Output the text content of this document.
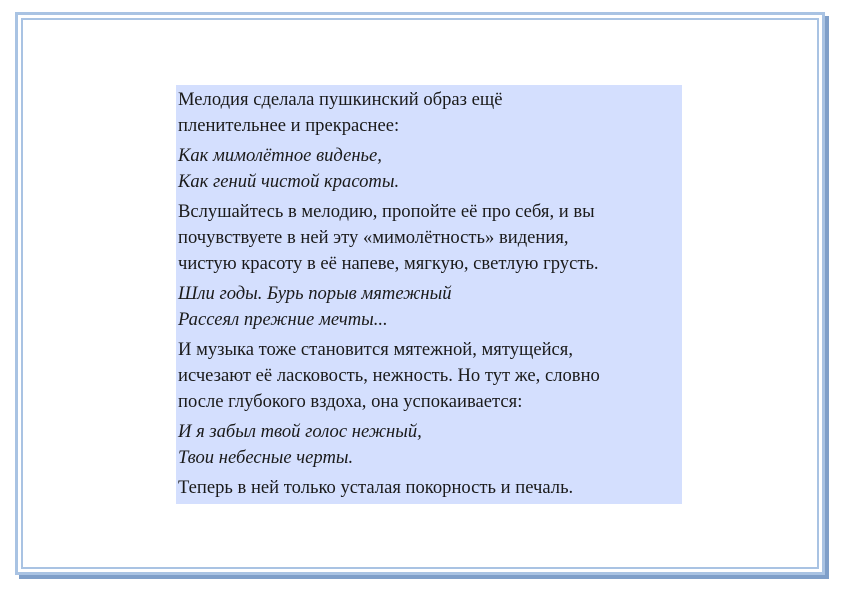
Мелодия сделала пушкинский образ ещё
пленительнее и прекраснее:

Как мимолётное виденье,
Как гений чистой красоты.

Вслушайтесь в мелодию, пропойте её про себя, и вы
почувствуете в ней эту «мимолётность» видения,
чистую красоту в её напеве, мягкую, светлую грусть.

Шли годы. Бурь порыв мятежный
Рассеял прежние мечты...

И музыка тоже становится мятежной, мятущейся,
исчезают её ласковость, нежность. Но тут же, словно
после глубокого вздоха, она успокаивается:

И я забыл твой голос нежный,
Твои небесные черты.

Теперь в ней только усталая покорность и печаль.
